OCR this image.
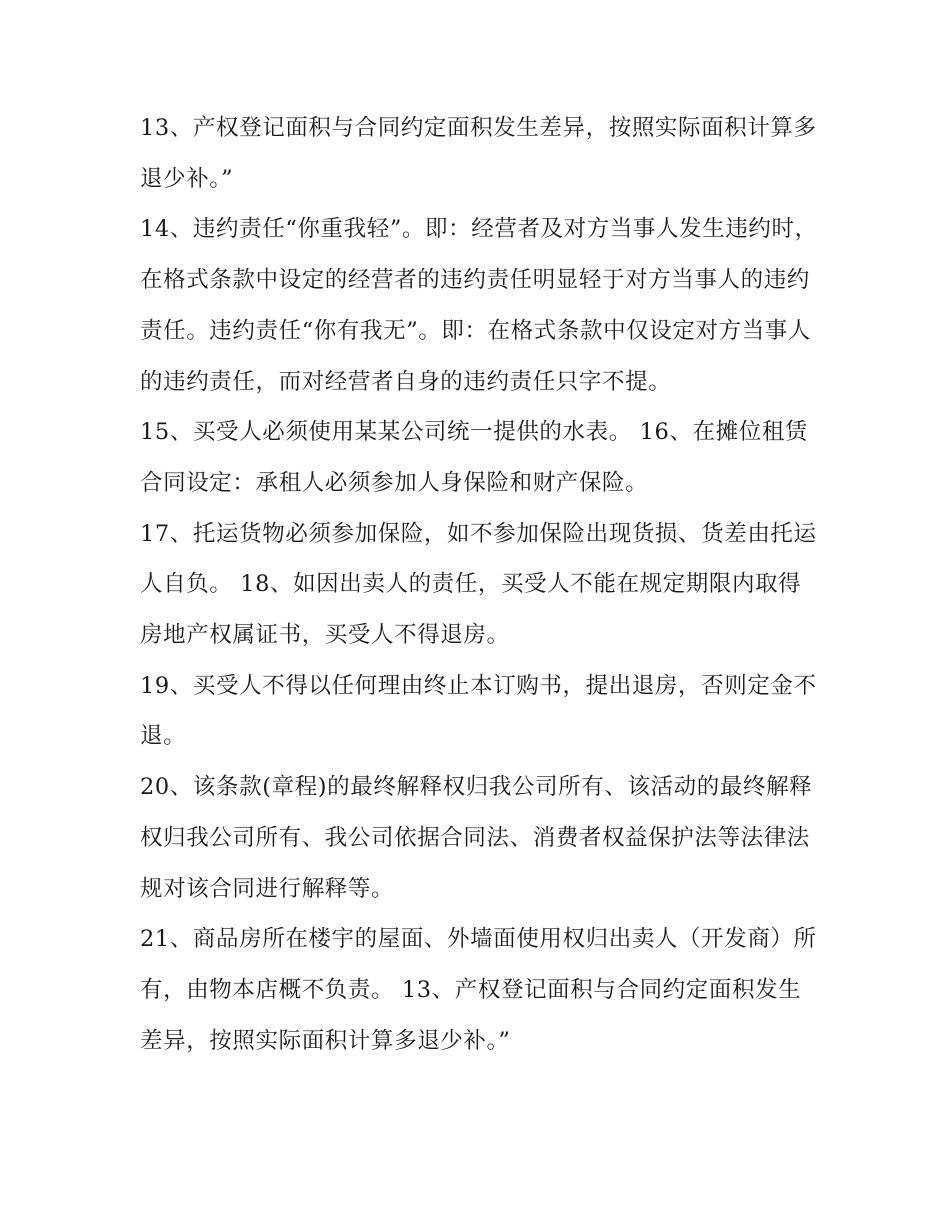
13、产权登记面积与合同约定面积发生差异，按照实际面积计算多退少补。”

14、违约责任“你重我轻”。即：经营者及对方当事人发生违约时，在格式条款中设定的经营者的违约责任明显轻于对方当事人的违约责任。违约责任“你有我无”。即：在格式条款中仅设定对方当事人的违约责任，而对经营者自身的违约责任只字不提。

15、买受人必须使用某某公司统一提供的水表。 16、在摊位租赁合同设定：承租人必须参加人身保险和财产保险。

17、托运货物必须参加保险，如不参加保险出现货损、货差由托运人自负。 18、如因出卖人的责任，买受人不能在规定期限内取得房地产权属证书，买受人不得退房。

19、买受人不得以任何理由终止本订购书，提出退房，否则定金不退。

20、该条款(章程)的最终解释权归我公司所有、该活动的最终解释权归我公司所有、我公司依据合同法、消费者权益保护法等法律法规对该合同进行解释等。

21、商品房所在楼宇的屋面、外墙面使用权归出卖人（开发商）所有，由物本店概不负责。 13、产权登记面积与合同约定面积发生差异，按照实际面积计算多退少补。”
